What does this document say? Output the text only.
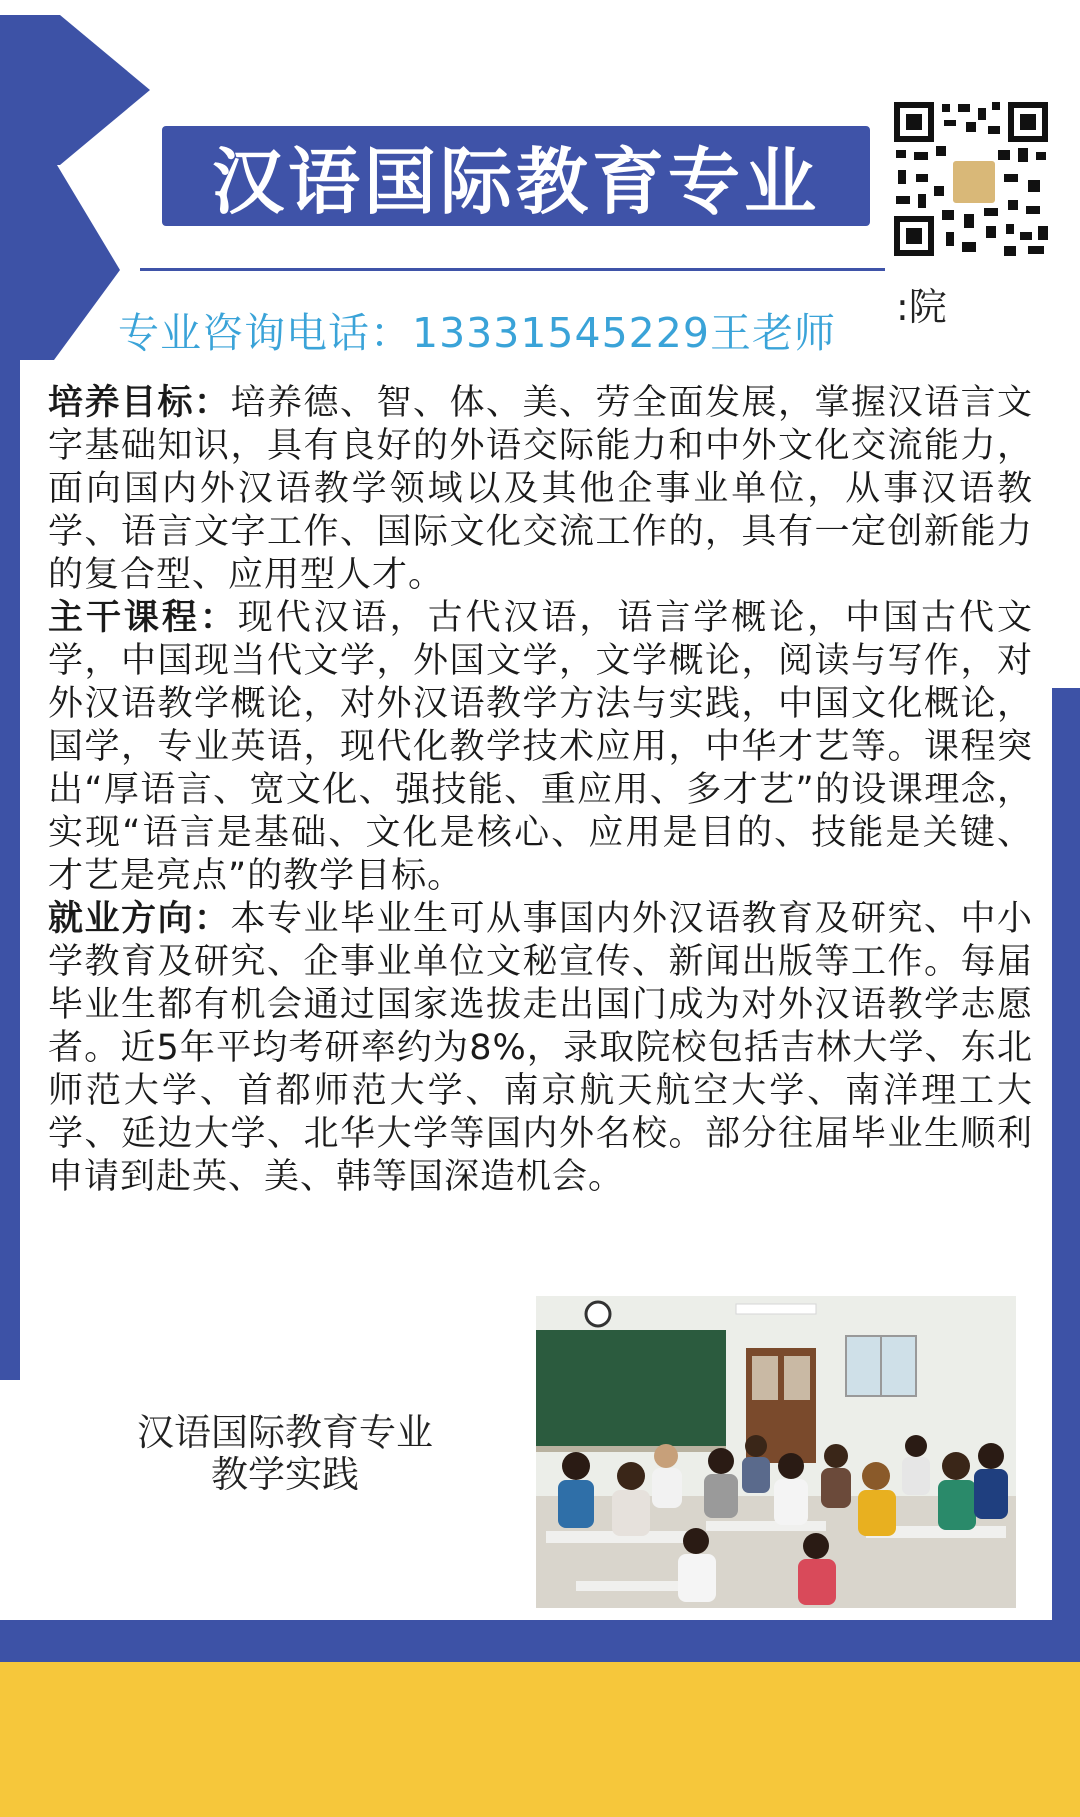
汉语国际教育专业
:院
专业咨询电话：13331545229王老师

培养目标：培养德、智、体、美、劳全面发展，掌握汉语言文字基础知识，具有良好的外语交际能力和中外文化交流能力，面向国内外汉语教学领域以及其他企事业单位，从事汉语教学、语言文字工作、国际文化交流工作的，具有一定创新能力的复合型、应用型人才。

主干课程：现代汉语，古代汉语，语言学概论，中国古代文学，中国现当代文学，外国文学，文学概论，阅读与写作，对外汉语教学概论，对外汉语教学方法与实践，中国文化概论，国学，专业英语，现代化教学技术应用，中华才艺等。课程突出“厚语言、宽文化、强技能、重应用、多才艺”的设课理念，实现“语言是基础、文化是核心、应用是目的、技能是关键、才艺是亮点”的教学目标。

就业方向：本专业毕业生可从事国内外汉语教育及研究、中小学教育及研究、企事业单位文秘宣传、新闻出版等工作。每届毕业生都有机会通过国家选拔走出国门成为对外汉语教学志愿者。近5年平均考研率约为8%，录取院校包括吉林大学、东北师范大学、首都师范大学、南京航天航空大学、南洋理工大学、延边大学、北华大学等国内外名校。部分往届毕业生顺利申请到赴英、美、韩等国深造机会。

汉语国际教育专业
教学实践
